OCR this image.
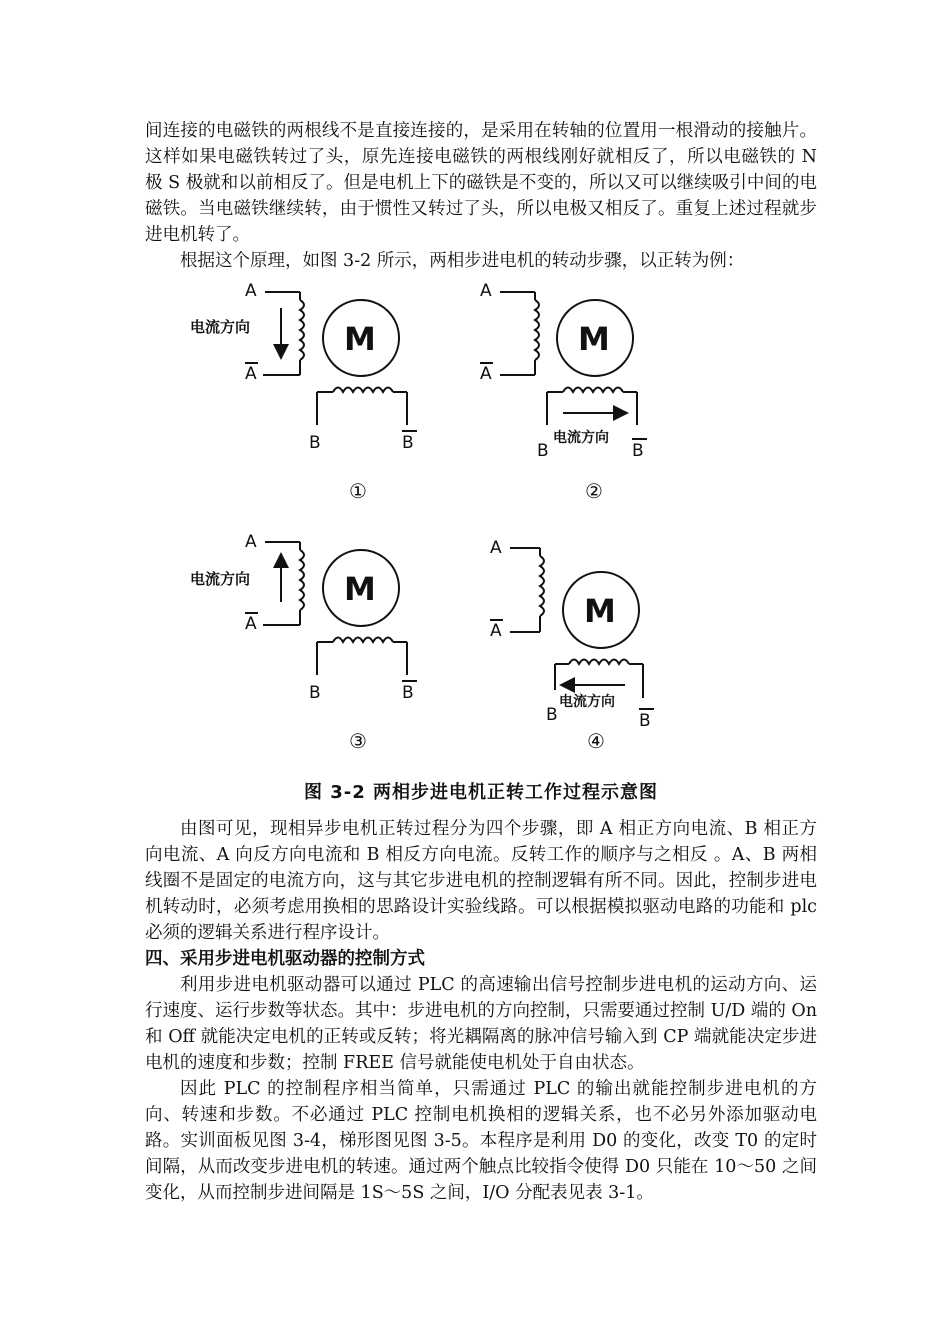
间连接的电磁铁的两根线不是直接连接的，是采用在转轴的位置用一根滑动的接触片。这样如果电磁铁转过了头，原先连接电磁铁的两根线刚好就相反了，所以电磁铁的 N 极 S 极就和以前相反了。但是电机上下的磁铁是不变的，所以又可以继续吸引中间的电磁铁。当电磁铁继续转，由于惯性又转过了头，所以电极又相反了。重复上述过程就步进电机转了。

根据这个原理，如图 3-2 所示，两相步进电机的转动步骤，以正转为例：

A
A
电流方向	M
B	B
①
A
A
M
电流方向
B	B
②
A
A
电流方向	M
B	B
③
A
A
M
电流方向
B	B
④
图 3-2 两相步进电机正转工作过程示意图

由图可见，现相异步电机正转过程分为四个步骤，即 A 相正方向电流、B 相正方向电流、A 向反方向电流和 B 相反方向电流。反转工作的顺序与之相反 。A、B 两相线圈不是固定的电流方向，这与其它步进电机的控制逻辑有所不同。因此，控制步进电机转动时，必须考虑用换相的思路设计实验线路。可以根据模拟驱动电路的功能和 plc 必须的逻辑关系进行程序设计。

四、采用步进电机驱动器的控制方式

利用步进电机驱动器可以通过 PLC 的高速输出信号控制步进电机的运动方向、运行速度、运行步数等状态。其中：步进电机的方向控制，只需要通过控制 U/D 端的 On 和 Off 就能决定电机的正转或反转；将光耦隔离的脉冲信号输入到 CP 端就能决定步进电机的速度和步数；控制 FREE 信号就能使电机处于自由状态。

因此 PLC 的控制程序相当简单，只需通过 PLC 的输出就能控制步进电机的方向、转速和步数。不必通过 PLC 控制电机换相的逻辑关系，也不必另外添加驱动电路。实训面板见图 3-4，梯形图见图 3-5。本程序是利用 D0 的变化，改变 T0 的定时间隔，从而改变步进电机的转速。通过两个触点比较指令使得 D0 只能在 10～50 之间变化，从而控制步进间隔是 1S～5S 之间，I/O 分配表见表 3-1。
